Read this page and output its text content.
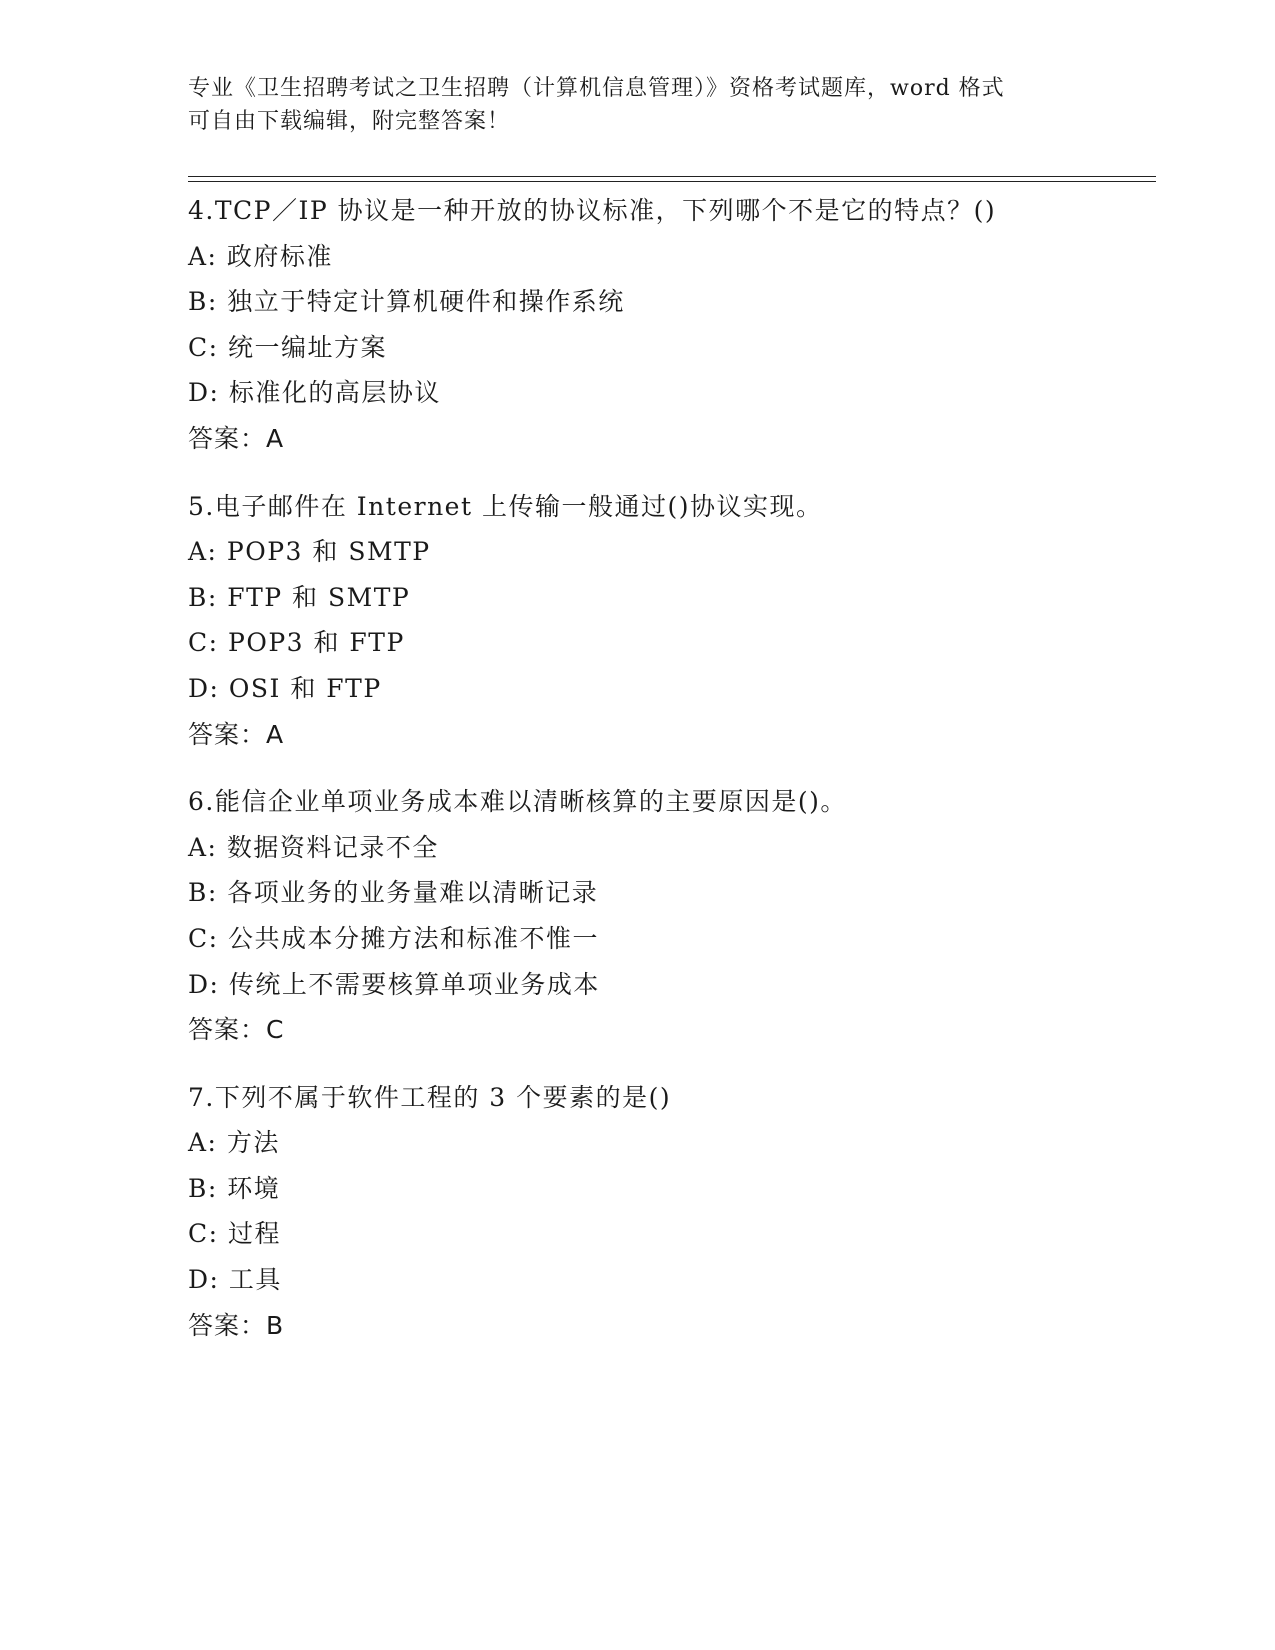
专业《卫生招聘考试之卫生招聘（计算机信息管理）》资格考试题库，word 格式
可自由下载编辑，附完整答案！
4.TCP／IP 协议是一种开放的协议标准，下列哪个不是它的特点？()
A: 政府标准
B: 独立于特定计算机硬件和操作系统
C: 统一编址方案
D: 标准化的高层协议
答案：A
5.电子邮件在 Internet 上传输一般通过()协议实现。
A: POP3 和 SMTP
B: FTP 和 SMTP
C: POP3 和 FTP
D: OSI 和 FTP
答案：A
6.能信企业单项业务成本难以清晰核算的主要原因是()。
A: 数据资料记录不全
B: 各项业务的业务量难以清晰记录
C: 公共成本分摊方法和标准不惟一
D: 传统上不需要核算单项业务成本
答案：C
7.下列不属于软件工程的 3 个要素的是()
A: 方法
B: 环境
C: 过程
D: 工具
答案：B
